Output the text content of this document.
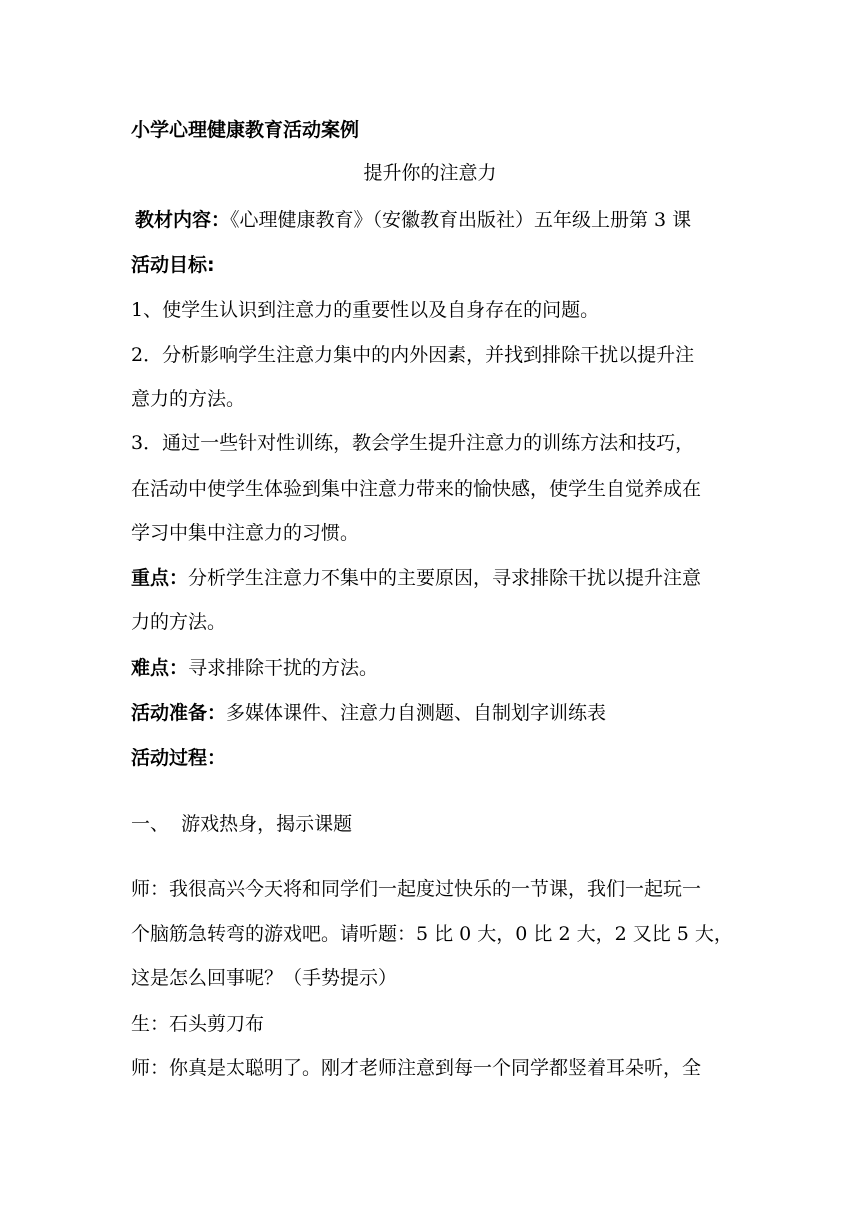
小学心理健康教育活动案例
提升你的注意力
教材内容：《心理健康教育》（安徽教育出版社）五年级上册第 3 课
活动目标:
1、使学生认识到注意力的重要性以及自身存在的问题。
2．分析影响学生注意力集中的内外因素，并找到排除干扰以提升注
意力的方法。
3．通过一些针对性训练，教会学生提升注意力的训练方法和技巧，
在活动中使学生体验到集中注意力带来的愉快感，使学生自觉养成在
学习中集中注意力的习惯。
重点：分析学生注意力不集中的主要原因，寻求排除干扰以提升注意
力的方法。
难点：寻求排除干扰的方法。
活动准备：多媒体课件、注意力自测题、自制划字训练表
活动过程：
一、  游戏热身，揭示课题
师：我很高兴今天将和同学们一起度过快乐的一节课，我们一起玩一
个脑筋急转弯的游戏吧。请听题：5 比 0 大，0 比 2 大，2 又比 5 大，
这是怎么回事呢？（手势提示）
生：石头剪刀布
师：你真是太聪明了。刚才老师注意到每一个同学都竖着耳朵听，全
